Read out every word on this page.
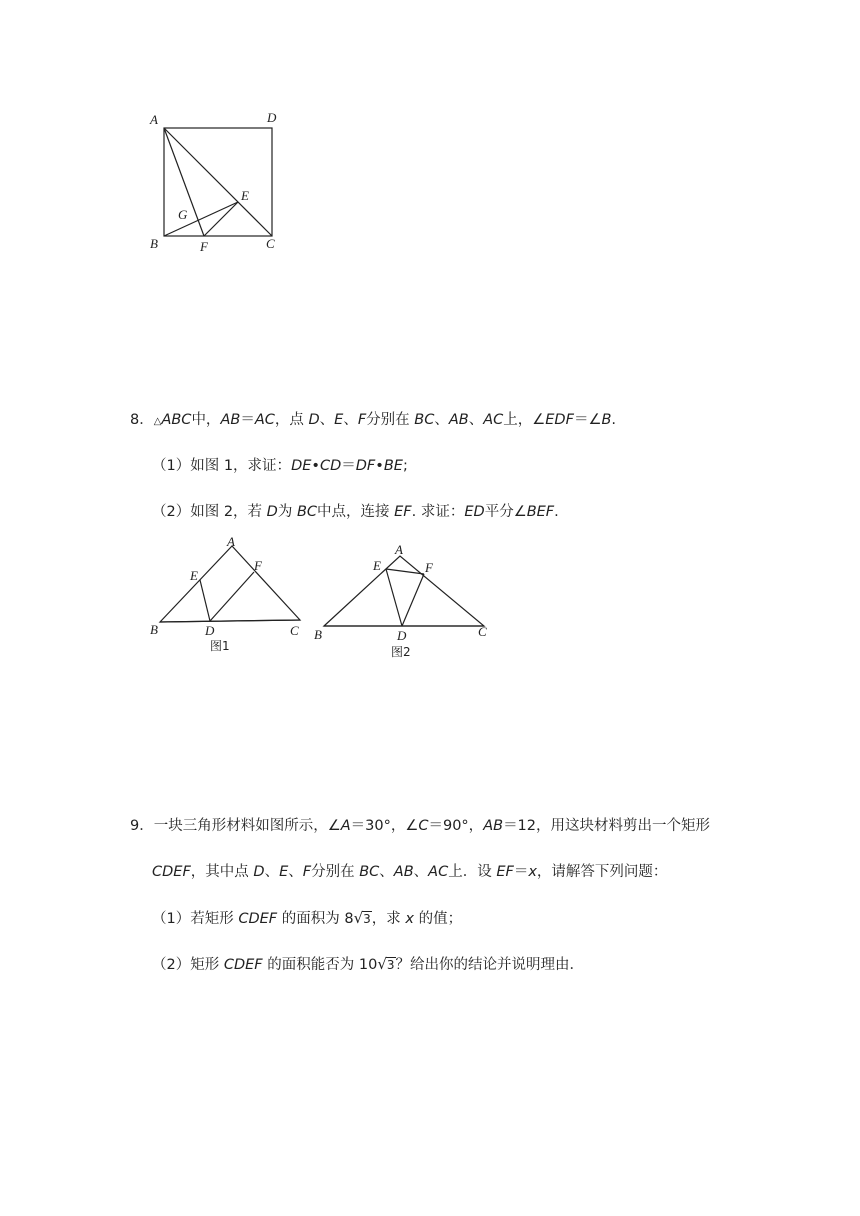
A	D
E
G
B	F	C
8．△ABC中，AB＝AC，点 D、E、F分别在 BC、AB、AC上，∠EDF＝∠B.
（1）如图 1，求证：DE•CD＝DF•BE;
（2）如图 2，若 D为 BC中点，连接 EF. 求证：ED平分∠BEF.
A
E
F
B	D	C
图1
A
E	F
B	D	C
图2
9．一块三角形材料如图所示，∠A＝30°，∠C＝90°，AB＝12，用这块材料剪出一个矩形
CDEF，其中点 D、E、F分别在 BC、AB、AC上．设 EF＝x，请解答下列问题：
（1）若矩形 CDEF 的面积为 8√3，求 x 的值；
（2）矩形 CDEF 的面积能否为 10√3？给出你的结论并说明理由．
